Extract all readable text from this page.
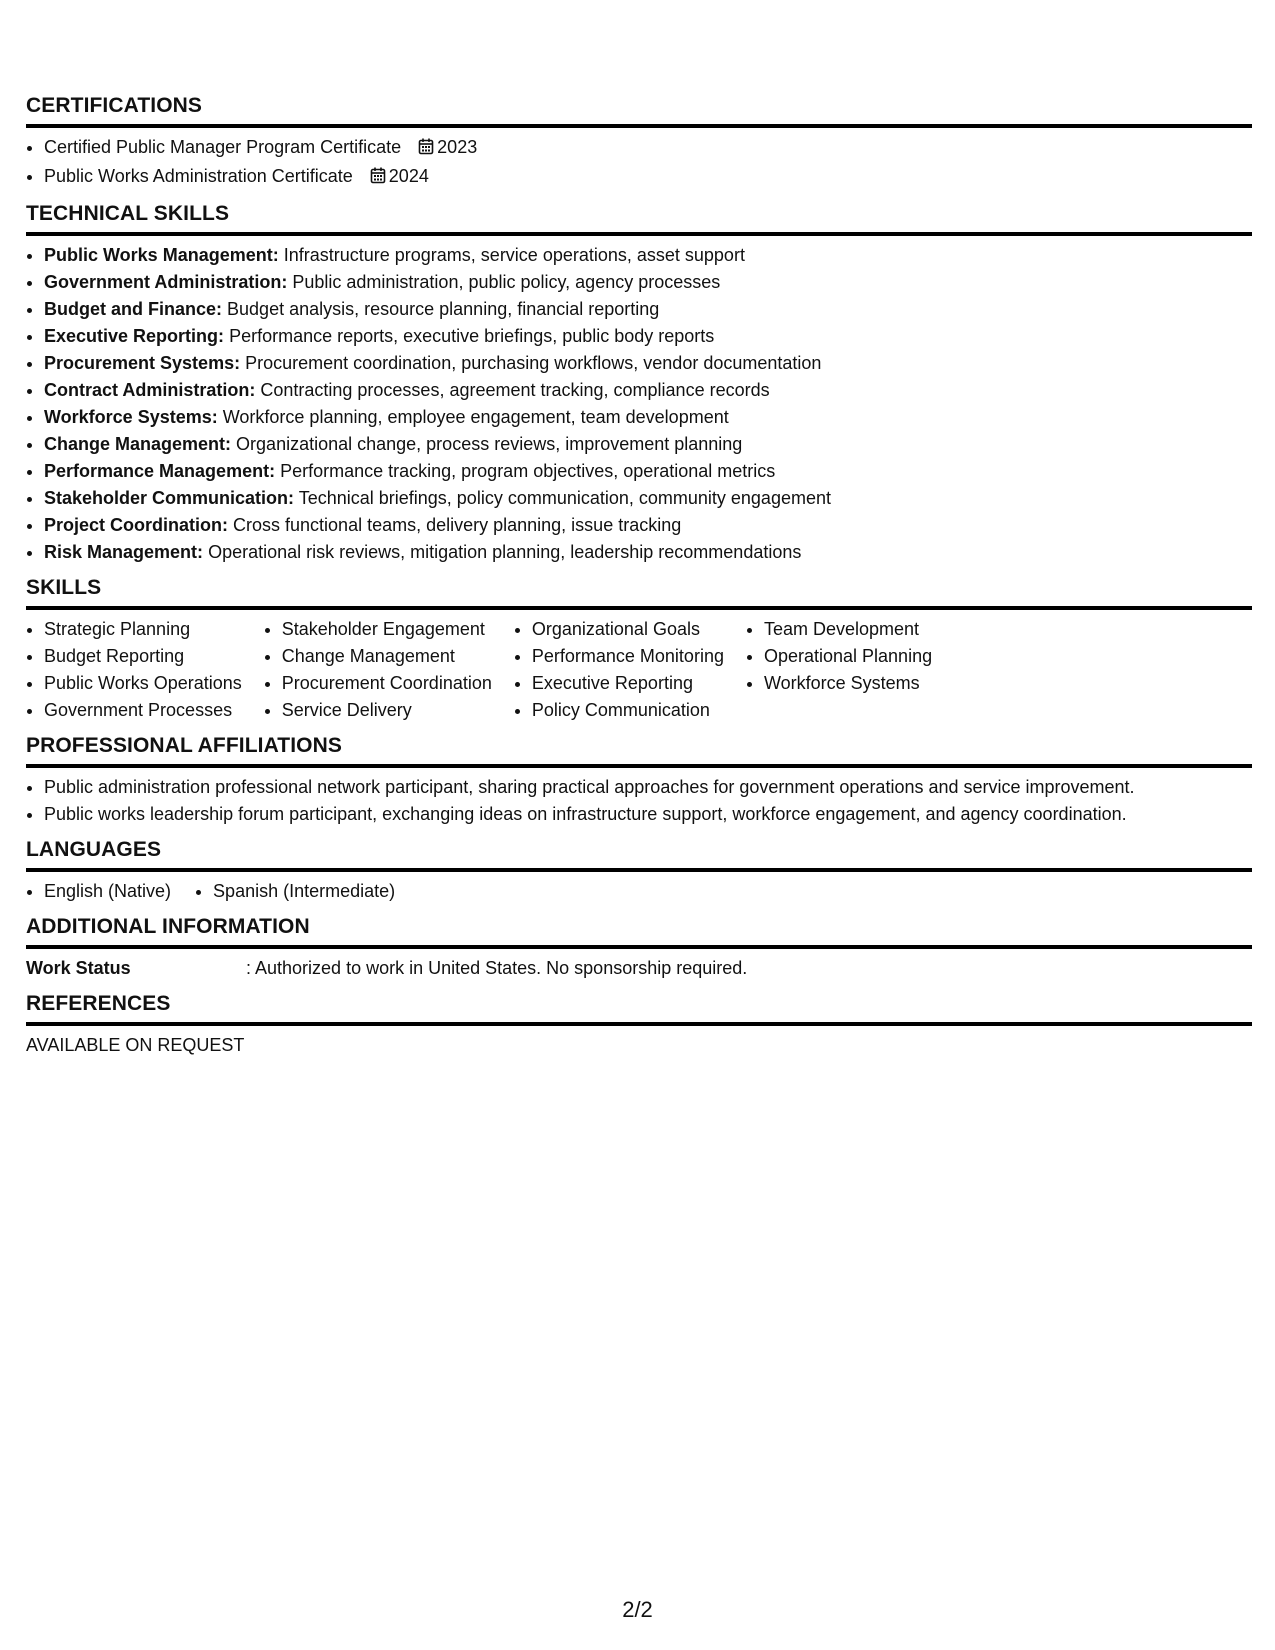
CERTIFICATIONS
• Certified Public Manager Program Certificate 2023
• Public Works Administration Certificate 2024
TECHNICAL SKILLS
• Public Works Management: Infrastructure programs, service operations, asset support
• Government Administration: Public administration, public policy, agency processes
• Budget and Finance: Budget analysis, resource planning, financial reporting
• Executive Reporting: Performance reports, executive briefings, public body reports
• Procurement Systems: Procurement coordination, purchasing workflows, vendor documentation
• Contract Administration: Contracting processes, agreement tracking, compliance records
• Workforce Systems: Workforce planning, employee engagement, team development
• Change Management: Organizational change, process reviews, improvement planning
• Performance Management: Performance tracking, program objectives, operational metrics
• Stakeholder Communication: Technical briefings, policy communication, community engagement
• Project Coordination: Cross functional teams, delivery planning, issue tracking
• Risk Management: Operational risk reviews, mitigation planning, leadership recommendations
SKILLS
• Strategic Planning
• Budget Reporting
• Public Works Operations
• Government Processes
• Stakeholder Engagement
• Change Management
• Procurement Coordination
• Service Delivery
• Organizational Goals
• Performance Monitoring
• Executive Reporting
• Policy Communication
• Team Development
• Operational Planning
• Workforce Systems
PROFESSIONAL AFFILIATIONS
• Public administration professional network participant, sharing practical approaches for government operations and service improvement.
• Public works leadership forum participant, exchanging ideas on infrastructure support, workforce engagement, and agency coordination.
LANGUAGES
• English (Native)
• Spanish (Intermediate)
ADDITIONAL INFORMATION
Work Status	: Authorized to work in United States. No sponsorship required.
REFERENCES
AVAILABLE ON REQUEST
2/2
